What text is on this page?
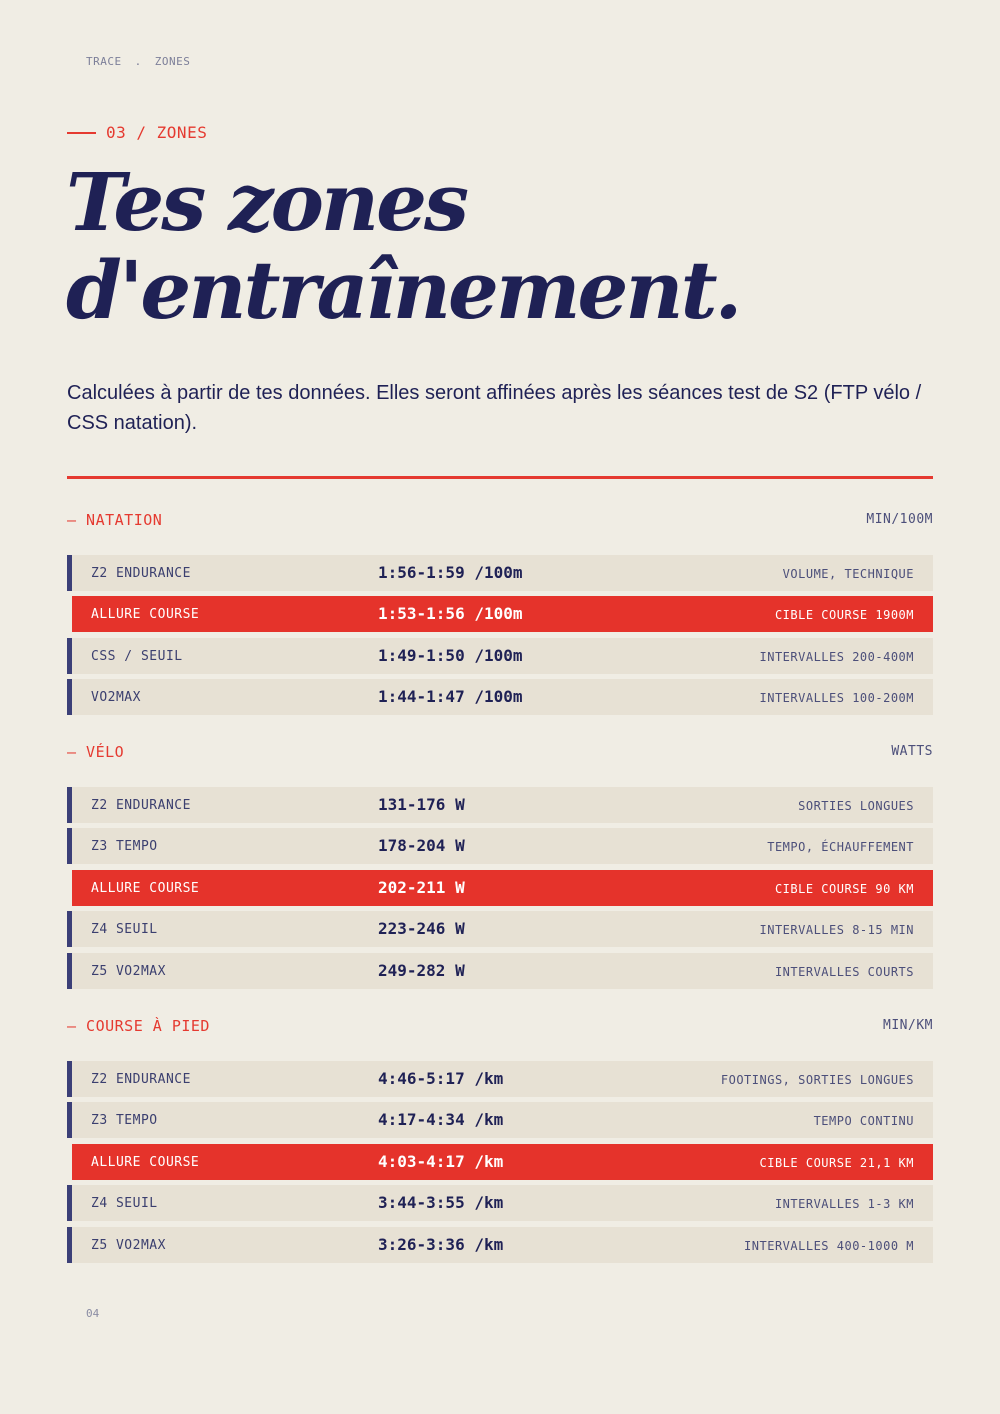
TRACE . ZONES
03 / ZONES
Tes zones
d'entraînement.

Calculées à partir de tes données. Elles seront affinées après les séances test de S2 (FTP vélo / CSS natation).

— NATATION	MIN/100M
Z2 ENDURANCE	1:56-1:59 /100m	VOLUME, TECHNIQUE
ALLURE COURSE	1:53-1:56 /100m	CIBLE COURSE 1900M
CSS / SEUIL	1:49-1:50 /100m	INTERVALLES 200-400M
VO2MAX	1:44-1:47 /100m	INTERVALLES 100-200M
— VÉLO	WATTS
Z2 ENDURANCE	131-176 W	SORTIES LONGUES
Z3 TEMPO	178-204 W	TEMPO, ÉCHAUFFEMENT
ALLURE COURSE	202-211 W	CIBLE COURSE 90 KM
Z4 SEUIL	223-246 W	INTERVALLES 8-15 MIN
Z5 VO2MAX	249-282 W	INTERVALLES COURTS
— COURSE À PIED	MIN/KM
Z2 ENDURANCE	4:46-5:17 /km	FOOTINGS, SORTIES LONGUES
Z3 TEMPO	4:17-4:34 /km	TEMPO CONTINU
ALLURE COURSE	4:03-4:17 /km	CIBLE COURSE 21,1 KM
Z4 SEUIL	3:44-3:55 /km	INTERVALLES 1-3 KM
Z5 VO2MAX	3:26-3:36 /km	INTERVALLES 400-1000 M
04
